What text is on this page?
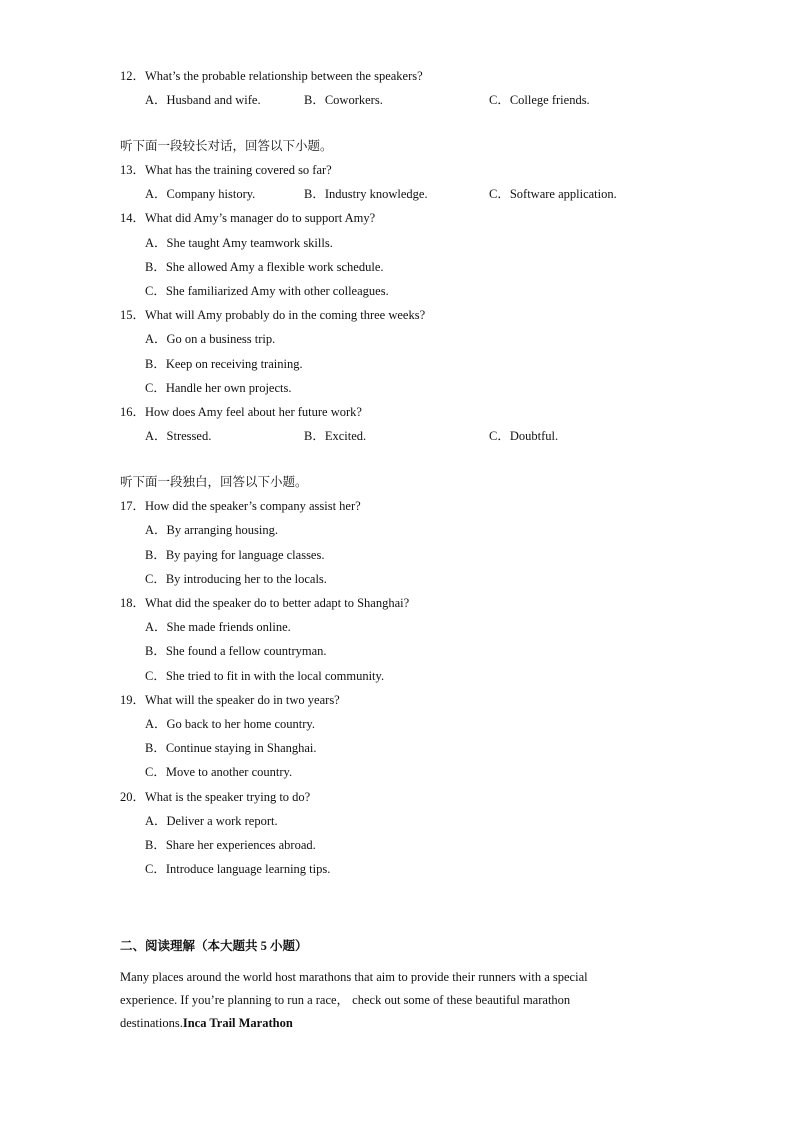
12．What’s the probable relationship between the speakers?
A．Husband and wife.	B．Coworkers.	C．College friends.
听下面一段较长对话，回答以下小题。
13．What has the training covered so far?
A．Company history.	B．Industry knowledge.	C．Software application.
14．What did Amy’s manager do to support Amy?
A．She taught Amy teamwork skills.
B．She allowed Amy a flexible work schedule.
C．She familiarized Amy with other colleagues.
15．What will Amy probably do in the coming three weeks?
A．Go on a business trip.
B．Keep on receiving training.
C．Handle her own projects.
16．How does Amy feel about her future work?
A．Stressed.	B．Excited.	C．Doubtful.
听下面一段独白，回答以下小题。
17．How did the speaker’s company assist her?
A．By arranging housing.
B．By paying for language classes.
C．By introducing her to the locals.
18．What did the speaker do to better adapt to Shanghai?
A．She made friends online.
B．She found a fellow countryman.
C．She tried to fit in with the local community.
19．What will the speaker do in two years?
A．Go back to her home country.
B．Continue staying in Shanghai.
C．Move to another country.
20．What is the speaker trying to do?
A．Deliver a work report.
B．Share her experiences abroad.
C．Introduce language learning tips.
二、阅读理解（本大题共 5 小题）
Many places around the world host marathons that aim to provide their runners with a special
experience. If you’re planning to run a race， check out some of these beautiful marathon
destinations.Inca Trail Marathon
